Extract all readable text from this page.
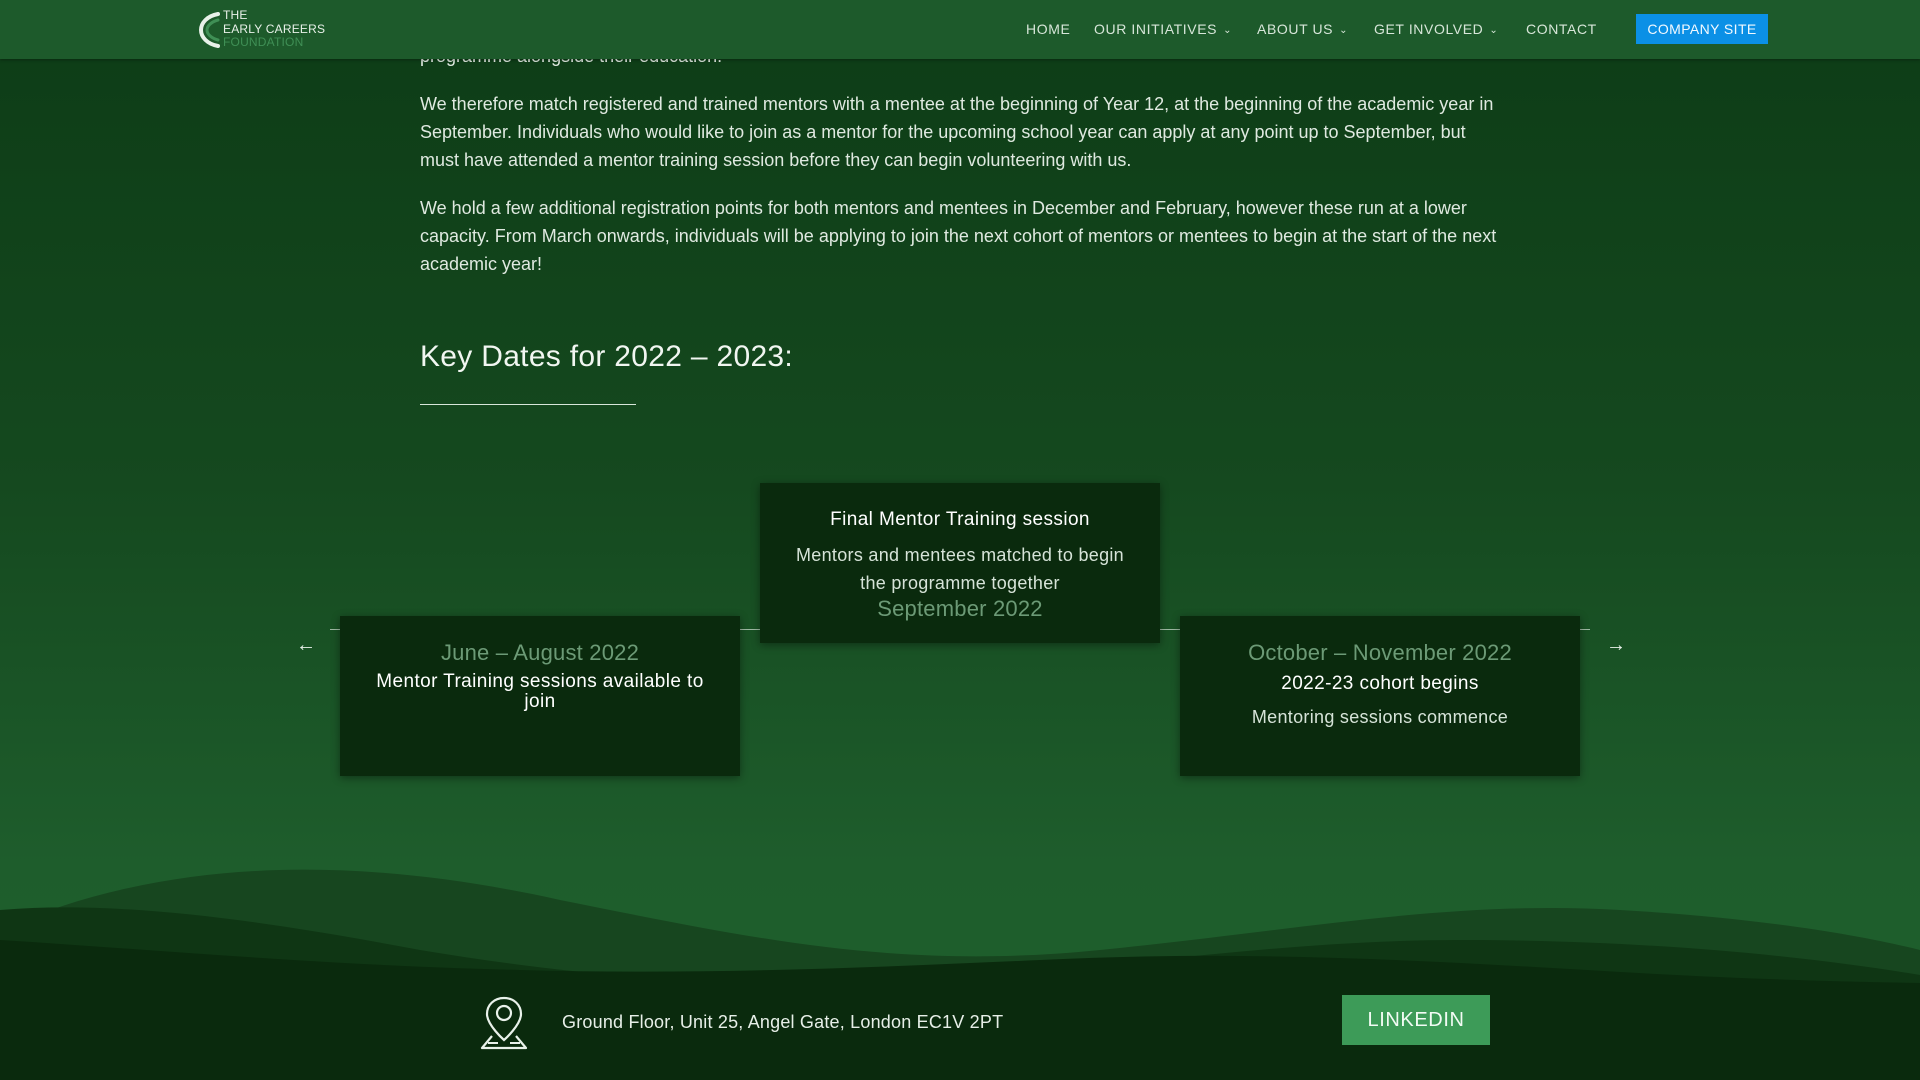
We therefore match registered and trained mentors with a mentee at the beginning of Year 12, at the beginning of the academic year in September. Individuals who would like to join as a mentor for the upcoming school year can apply at any point up to September, but must have attended a mentor training session before they can begin volunteering with us.

We hold a few additional registration points for both mentors and mentees in December and February, however these run at a lower capacity. From March onwards, individuals will be applying to join the next cohort of mentors or mentees to begin at the start of the next academic year!

Key Dates for 2022 – 2023:
←	→
June – August 2022
Mentor Training sessions available to join
Final Mentor Training session
Mentors and mentees matched to begin the programme together
September 2022
October – November 2022
2022-23 cohort begins
Mentoring sessions commence
Ground Floor, Unit 25, Angel Gate, London EC1V 2PT	LINKEDIN
THE
EARLY CAREERS
FOUNDATION
HOME OUR INITIATIVES ⌄ ABOUT US ⌄ GET INVOLVED ⌄ CONTACT	COMPANY SITE
